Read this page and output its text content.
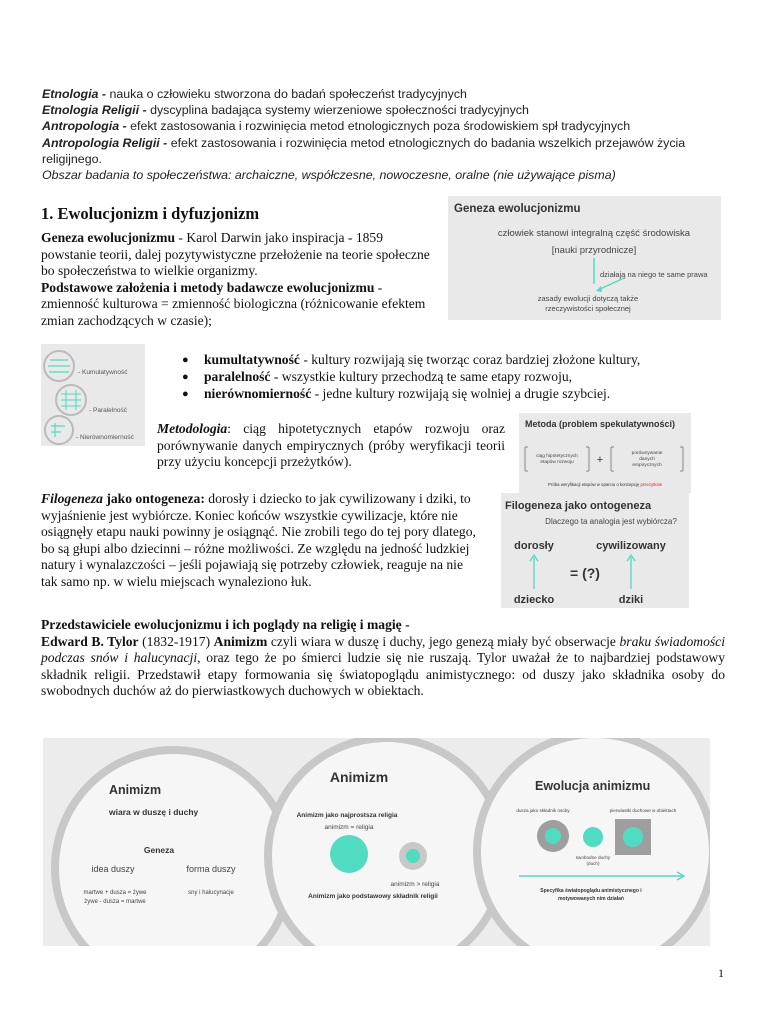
Etnologia - nauka o człowieku stworzona do badań społeczeńst tradycyjnych
Etnologia Religii - dyscyplina badająca systemy wierzeniowe społeczności tradycyjnych
Antropologia - efekt zastosowania i rozwinięcia metod etnologicznych poza środowiskiem spł tradycyjnych
Antropologia Religii - efekt zastosowania i rozwinięcia metod etnologicznych do badania wszelkich przejawów życia religijnego.
Obszar badania to społeczeństwa: archaiczne, współczesne, nowoczesne, oralne (nie używające pisma)
1. Ewolucjonizm i dyfuzjonizm
Geneza ewolucjonizmu - Karol Darwin jako inspiracja - 1859 powstanie teorii, dalej pozytywistyczne przełożenie na teorie społeczne bo społeczeństwa to wielkie organizmy.
Podstawowe założenia i metody badawcze ewolucjonizmu - zmienność kulturowa = zmienność biologiczna (różnicowanie efektem zmian zachodzących w czasie);
Geneza ewolucjonizmu
człowiek stanowi integralną część środowiska
[nauki przyrodnicze]
działają na niego te same prawa
zasady ewolucji dotyczą także
rzeczywistości społecznej
- Kumulatywność
- Paralelność
- Nierównomierność
● kumultatywność - kultury rozwijają się tworząc coraz bardziej złożone kultury,
● paralelność - wszystkie kultury przechodzą te same etapy rozwoju,
● nierównomierność - jedne kultury rozwijają się wolniej a drugie szybciej.
Metodologia: ciąg hipotetycznych etapów rozwoju oraz porównywanie danych empirycznych (próby weryfikacji teorii przy użyciu koncepcji przeżytków).
Metoda (problem spekulatywności)
ciąg hipotetycznych
etapów rozwoju +
porównywanie
danych
empirycznych
Próba weryfikacji etapów w oparciu o koncepcję przeżytków
Filogeneza jako ontogeneza: dorosły i dziecko to jak cywilizowany i dziki, to wyjaśnienie jest wybiórcze. Koniec końców wszystkie cywilizacje, które nie osiągnęły etapu nauki powinny je osiągnąć. Nie zrobili tego do tej pory dlatego, bo są głupi albo dziecinni – różne możliwości. Ze względu na jedność ludzkiej natury i wynalazczości – jeśli pojawiają się potrzeby człowiek, reaguje na nie tak samo np. w wielu miejscach wynaleziono łuk.
Filogeneza jako ontogeneza
Dlaczego ta analogia jest wybiórcza?
dorosły	cywilizowany
= (?)
dziecko	dziki
Przedstawiciele ewolucjonizmu i ich poglądy na religię i magię -
Edward B. Tylor (1832-1917) Animizm czyli wiara w duszę i duchy, jego genezą miały być obserwacje braku świadomości podczas snów i halucynacji, oraz tego że po śmierci ludzie się nie ruszają. Tylor uważał że to najbardziej podstawowy składnik religii. Przedstawił etapy formowania się światopoglądu animistycznego: od duszy jako składnika osoby do swobodnych duchów aż do pierwiastkowych duchowych w obiektach.
Animizm
wiara w duszę i duchy
Geneza
idea duszy	forma duszy
martwe + dusza = żywe
żywe - dusza = martwe
sny i halucynacje
Animizm
Animizm jako najprostsza religia
animizm = religia
animizm > religia
Animizm jako podstawowy składnik religii
Ewolucja animizmu
dusza jako składnik osoby	pierwiastki duchowe w obiektach
swobodne duchy
(duch)
Specyfika światopoglądu animistycznego i
motywowanych nim działań
1
